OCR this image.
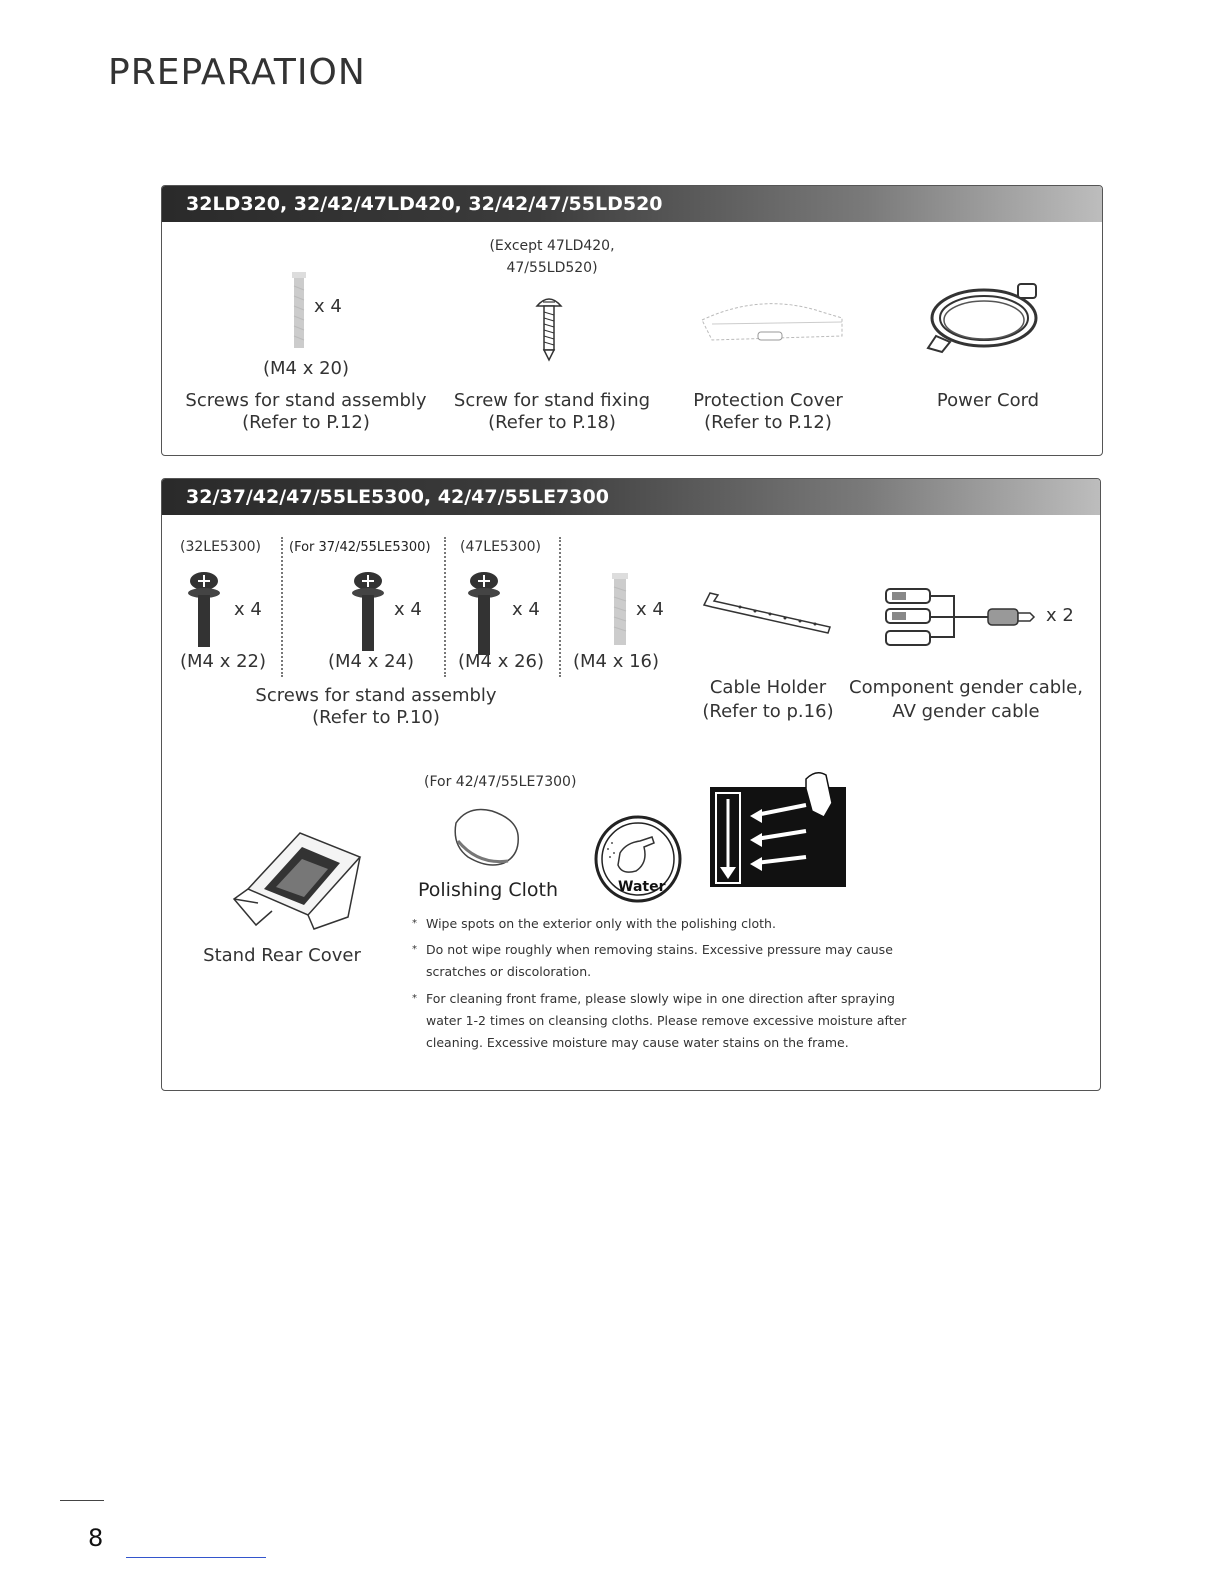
PREPARATION
32LD320, 32/42/47LD420, 32/42/47/55LD520
x 4
(M4 x 20)
Screws for stand assembly
(Refer to P.12)
(Except 47LD420,
47/55LD520)
Screw for stand fixing
(Refer to P.18)
Protection Cover
(Refer to P.12)
Power Cord
32/37/42/47/55LE5300, 42/47/55LE7300
(32LE5300) (For 37/42/55LE5300) (47LE5300)
x 4	x 4	x 4	x 4
(M4 x 22)	(M4 x 24) (M4 x 26) (M4 x 16)
Screws for stand assembly
(Refer to P.10)
Cable Holder
(Refer to p.16)
x 2
Component gender cable,
AV gender cable
Stand Rear Cover
(For 42/47/55LE7300)
Polishing Cloth	Water
* Wipe spots on the exterior only with the polishing cloth.
* Do not wipe roughly when removing stains. Excessive pressure may cause scratches or discoloration.
* For cleaning front frame, please slowly wipe in one direction after spraying water 1-2 times on cleansing cloths. Please remove excessive moisture after cleaning. Excessive moisture may cause water stains on the frame.
8
